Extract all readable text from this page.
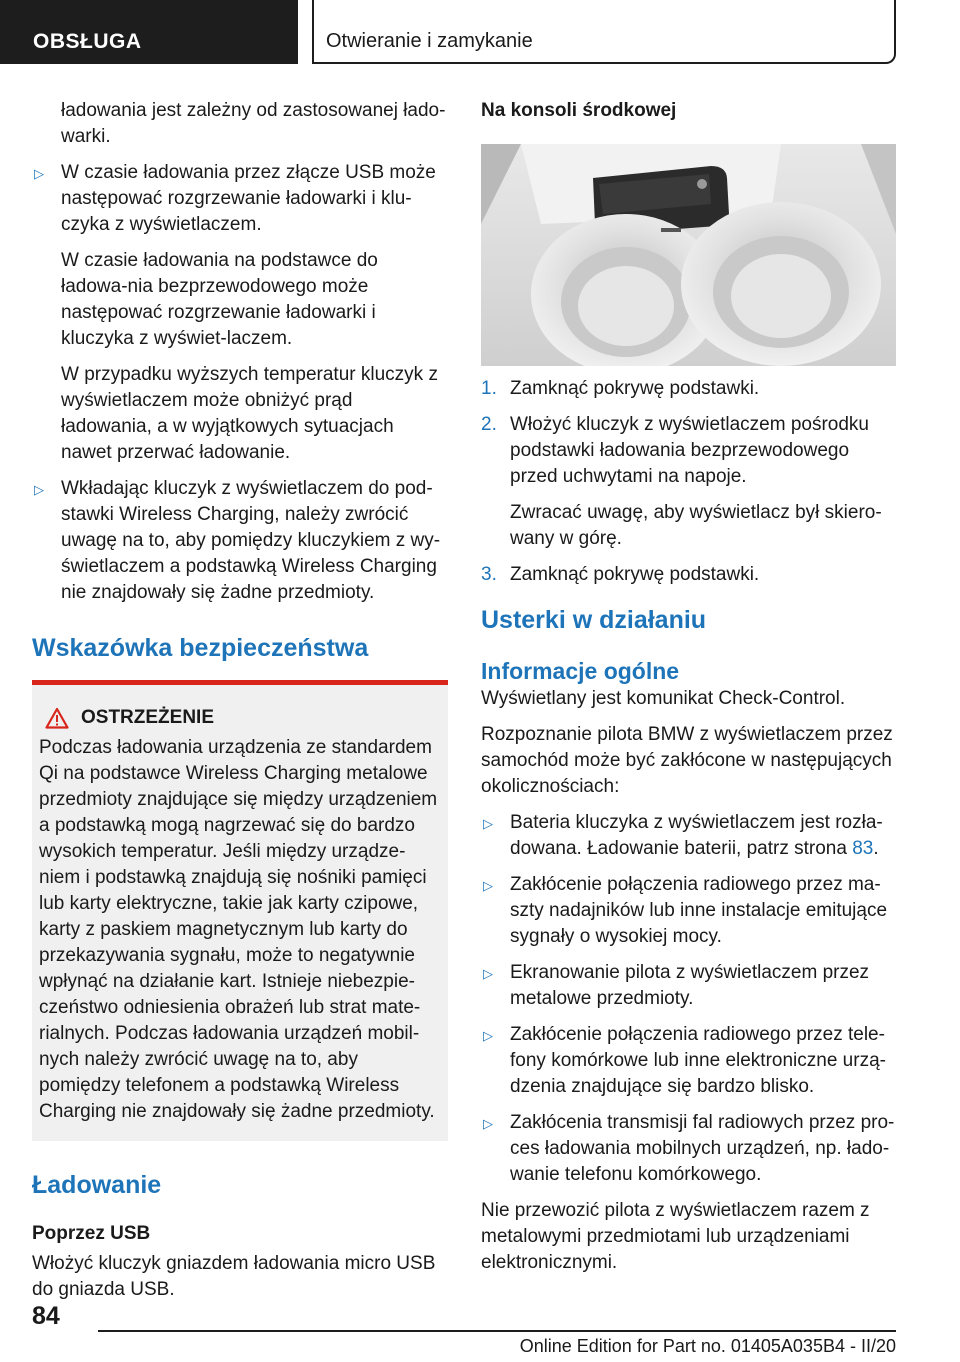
OBSŁUGA	Otwieranie i zamykanie

ładowania jest zależny od zastosowanej łado-warki.

▷ W czasie ładowania przez złącze USB może następować rozgrzewanie ładowarki i klu-czyka z wyświetlaczem.

W czasie ładowania na podstawce do ładowa-nia bezprzewodowego może następować rozgrzewanie ładowarki i kluczyka z wyświet-laczem.

W przypadku wyższych temperatur kluczyk z wyświetlaczem może obniżyć prąd ładowania, a w wyjątkowych sytuacjach nawet przerwać ładowanie.

▷ Wkładając kluczyk z wyświetlaczem do pod-stawki Wireless Charging, należy zwrócić uwagę na to, aby pomiędzy kluczykiem z wy-świetlaczem a podstawką Wireless Charging nie znajdowały się żadne przedmioty.

Wskazówka bezpieczeństwa
OSTRZEŻENIE

Podczas ładowania urządzenia ze standardem Qi na podstawce Wireless Charging metalowe przedmioty znajdujące się między urządzeniem a podstawką mogą nagrzewać się do bardzo wysokich temperatur. Jeśli między urządze-niem i podstawką znajdują się nośniki pamięci lub karty elektryczne, takie jak karty czipowe, karty z paskiem magnetycznym lub karty do przekazywania sygnału, może to negatywnie wpłynąć na działanie kart. Istnieje niebezpie-czeństwo odniesienia obrażeń lub strat mate-rialnych. Podczas ładowania urządzeń mobil-nych należy zwrócić uwagę na to, aby pomiędzy telefonem a podstawką Wireless Charging nie znajdowały się żadne przedmioty.

Ładowanie
Poprzez USB

Włożyć kluczyk gniazdem ładowania micro USB do gniazda USB.

Na konsoli środkowej
1. Zamknąć pokrywę podstawki.

2. Włożyć kluczyk z wyświetlaczem pośrodku podstawki ładowania bezprzewodowego przed uchwytami na napoje.

Zwracać uwagę, aby wyświetlacz był skiero-wany w górę.

3. Zamknąć pokrywę podstawki.

Usterki w działaniu
Informacje ogólne

Wyświetlany jest komunikat Check-Control.

Rozpoznanie pilota BMW z wyświetlaczem przez samochód może być zakłócone w następujących okolicznościach:

▷ Bateria kluczyka z wyświetlaczem jest rozła-dowana. Ładowanie baterii, patrz strona 83.

▷ Zakłócenie połączenia radiowego przez ma-szty nadajników lub inne instalacje emitujące sygnały o wysokiej mocy.

▷ Ekranowanie pilota z wyświetlaczem przez metalowe przedmioty.

▷ Zakłócenie połączenia radiowego przez tele-fony komórkowe lub inne elektroniczne urzą-dzenia znajdujące się bardzo blisko.

▷ Zakłócenia transmisji fal radiowych przez pro-ces ładowania mobilnych urządzeń, np. łado-wanie telefonu komórkowego.

Nie przewozić pilota z wyświetlaczem razem z metalowymi przedmiotami lub urządzeniami elektronicznymi.

84
Online Edition for Part no. 01405A035B4 - II/20
